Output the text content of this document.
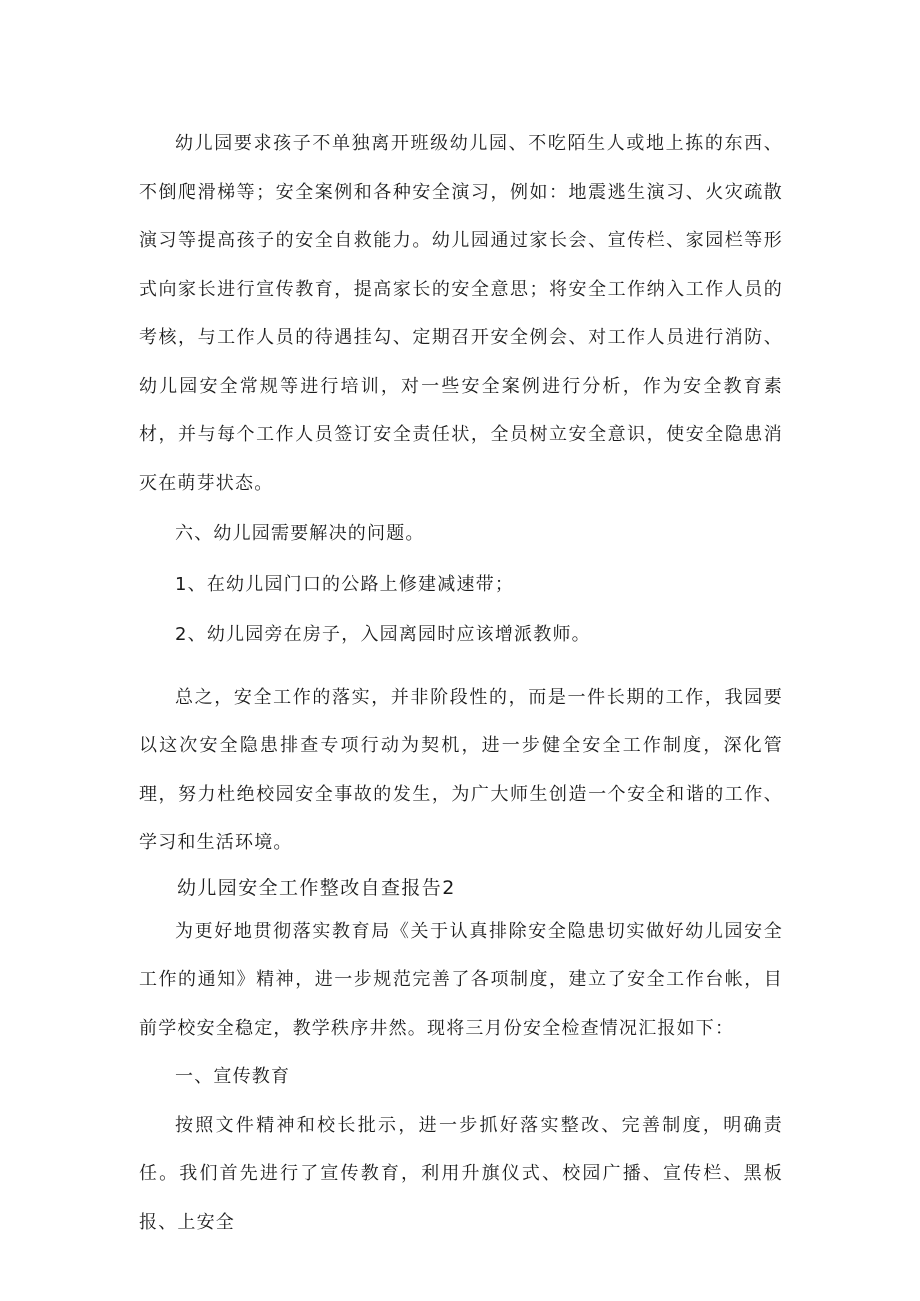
幼儿园要求孩子不单独离开班级幼儿园、不吃陌生人或地上拣的东西、不倒爬滑梯等；安全案例和各种安全演习，例如：地震逃生演习、火灾疏散演习等提高孩子的安全自救能力。幼儿园通过家长会、宣传栏、家园栏等形式向家长进行宣传教育，提高家长的安全意思；将安全工作纳入工作人员的考核，与工作人员的待遇挂勾、定期召开安全例会、对工作人员进行消防、幼儿园安全常规等进行培训，对一些安全案例进行分析，作为安全教育素材，并与每个工作人员签订安全责任状，全员树立安全意识，使安全隐患消灭在萌芽状态。

六、幼儿园需要解决的问题。

1、在幼儿园门口的公路上修建减速带；

2、幼儿园旁在房子，入园离园时应该增派教师。

总之，安全工作的落实，并非阶段性的，而是一件长期的工作，我园要以这次安全隐患排查专项行动为契机，进一步健全安全工作制度，深化管理，努力杜绝校园安全事故的发生，为广大师生创造一个安全和谐的工作、学习和生活环境。

幼儿园安全工作整改自查报告2

为更好地贯彻落实教育局《关于认真排除安全隐患切实做好幼儿园安全工作的通知》精神，进一步规范完善了各项制度，建立了安全工作台帐，目前学校安全稳定，教学秩序井然。现将三月份安全检查情况汇报如下：

一、宣传教育

按照文件精神和校长批示，进一步抓好落实整改、完善制度，明确责任。我们首先进行了宣传教育，利用升旗仪式、校园广播、宣传栏、黑板报、上安全
